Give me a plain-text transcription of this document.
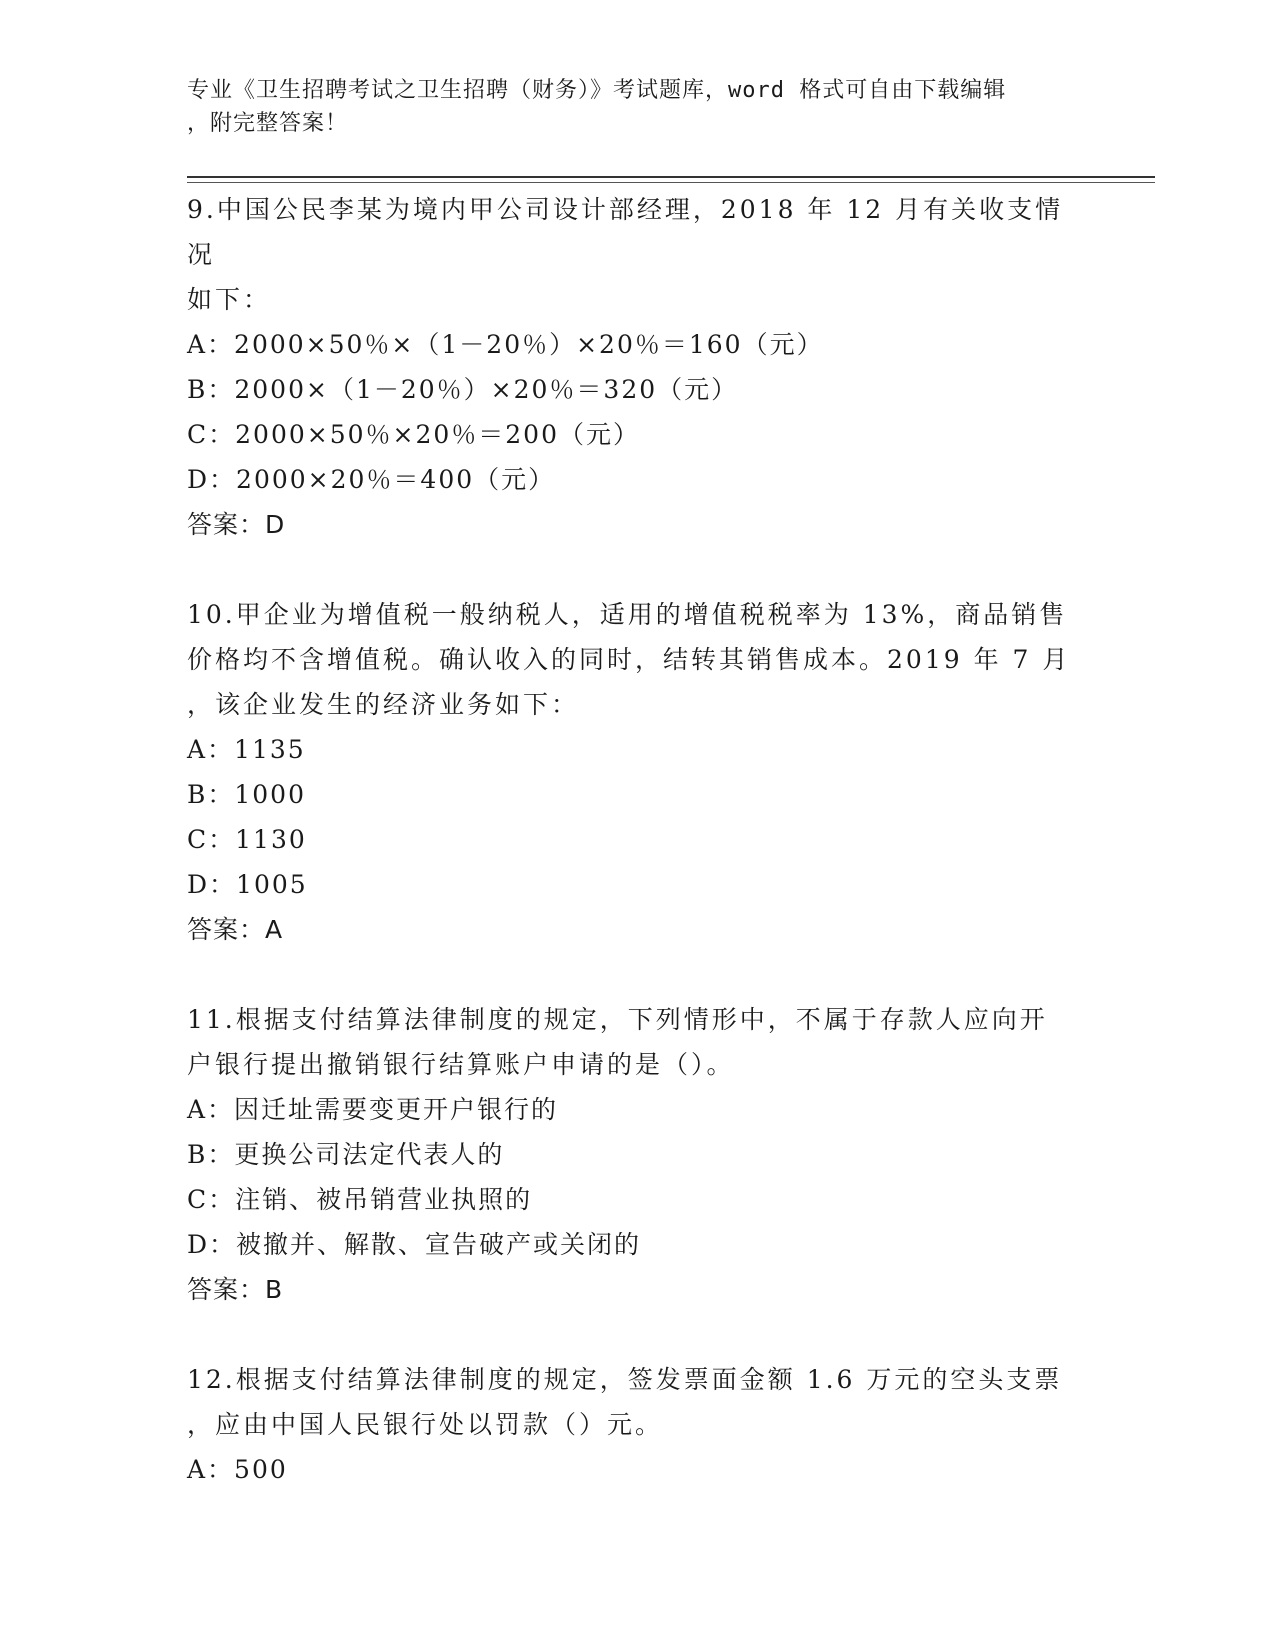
专业《卫生招聘考试之卫生招聘（财务）》考试题库，word 格式可自由下载编辑
，附完整答案！

9.中国公民李某为境内甲公司设计部经理，2018 年 12 月有关收支情况

如下：

A：2000×50％×（1－20％）×20％＝160（元）

B：2000×（1－20％）×20％＝320（元）

C：2000×50％×20％＝200（元）

D：2000×20％＝400（元）

答案：D

10.甲企业为增值税一般纳税人，适用的增值税税率为 13%，商品销售

价格均不含增值税。确认收入的同时，结转其销售成本。2019 年 7 月

，该企业发生的经济业务如下：

A：1135

B：1000

C：1130

D：1005

答案：A

11.根据支付结算法律制度的规定，下列情形中，不属于存款人应向开

户银行提出撤销银行结算账户申请的是（）。

A：因迁址需要变更开户银行的

B：更换公司法定代表人的

C：注销、被吊销营业执照的

D：被撤并、解散、宣告破产或关闭的

答案：B

12.根据支付结算法律制度的规定，签发票面金额 1.6 万元的空头支票

，应由中国人民银行处以罚款（）元。

A：500
